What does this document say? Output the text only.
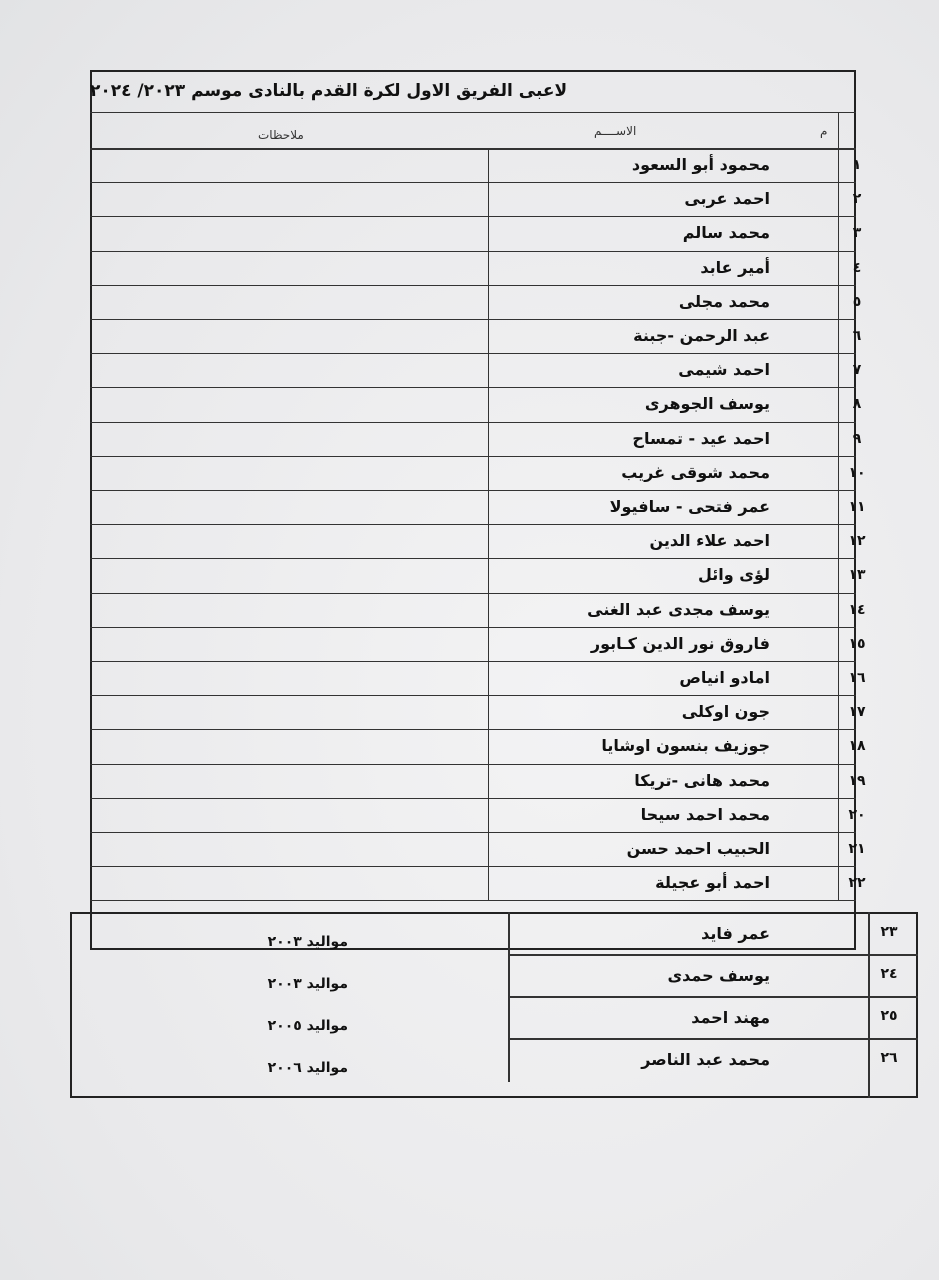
لاعبى الفريق الاول لكرة القدم بالنادى موسم ٢٠٢٣/ ٢٠٢٤
م
الاســــم
ملاحظات
١
محمود أبو السعود
٢
احمد عربى
٣
محمد سالم
٤
أمير عابد
٥
محمد مجلى
٦
عبد الرحمن -جبنة
٧
احمد شيمى
٨
يوسف الجوهرى
٩
احمد عيد - تمساح
١٠
محمد شوقى غريب
١١
عمر فتحى - سافيولا
١٢
احمد علاء الدين
١٣
لؤى وائل
١٤
يوسف مجدى عبد الغنى
١٥
فاروق نور الدين كـابور
١٦
امادو انياص
١٧
جون اوكلى
١٨
جوزيف بنسون اوشايا
١٩
محمد هانى -تريكا
٢٠
محمد احمد سيحا
٢١
الحبيب احمد حسن
٢٢
احمد أبو عجيلة
٢٣
عمر فايد
مواليد ٢٠٠٣
٢٤
يوسف حمدى
مواليد ٢٠٠٣
٢٥
مهند احمد
مواليد ٢٠٠٥
٢٦
محمد عبد الناصر
مواليد ٢٠٠٦
